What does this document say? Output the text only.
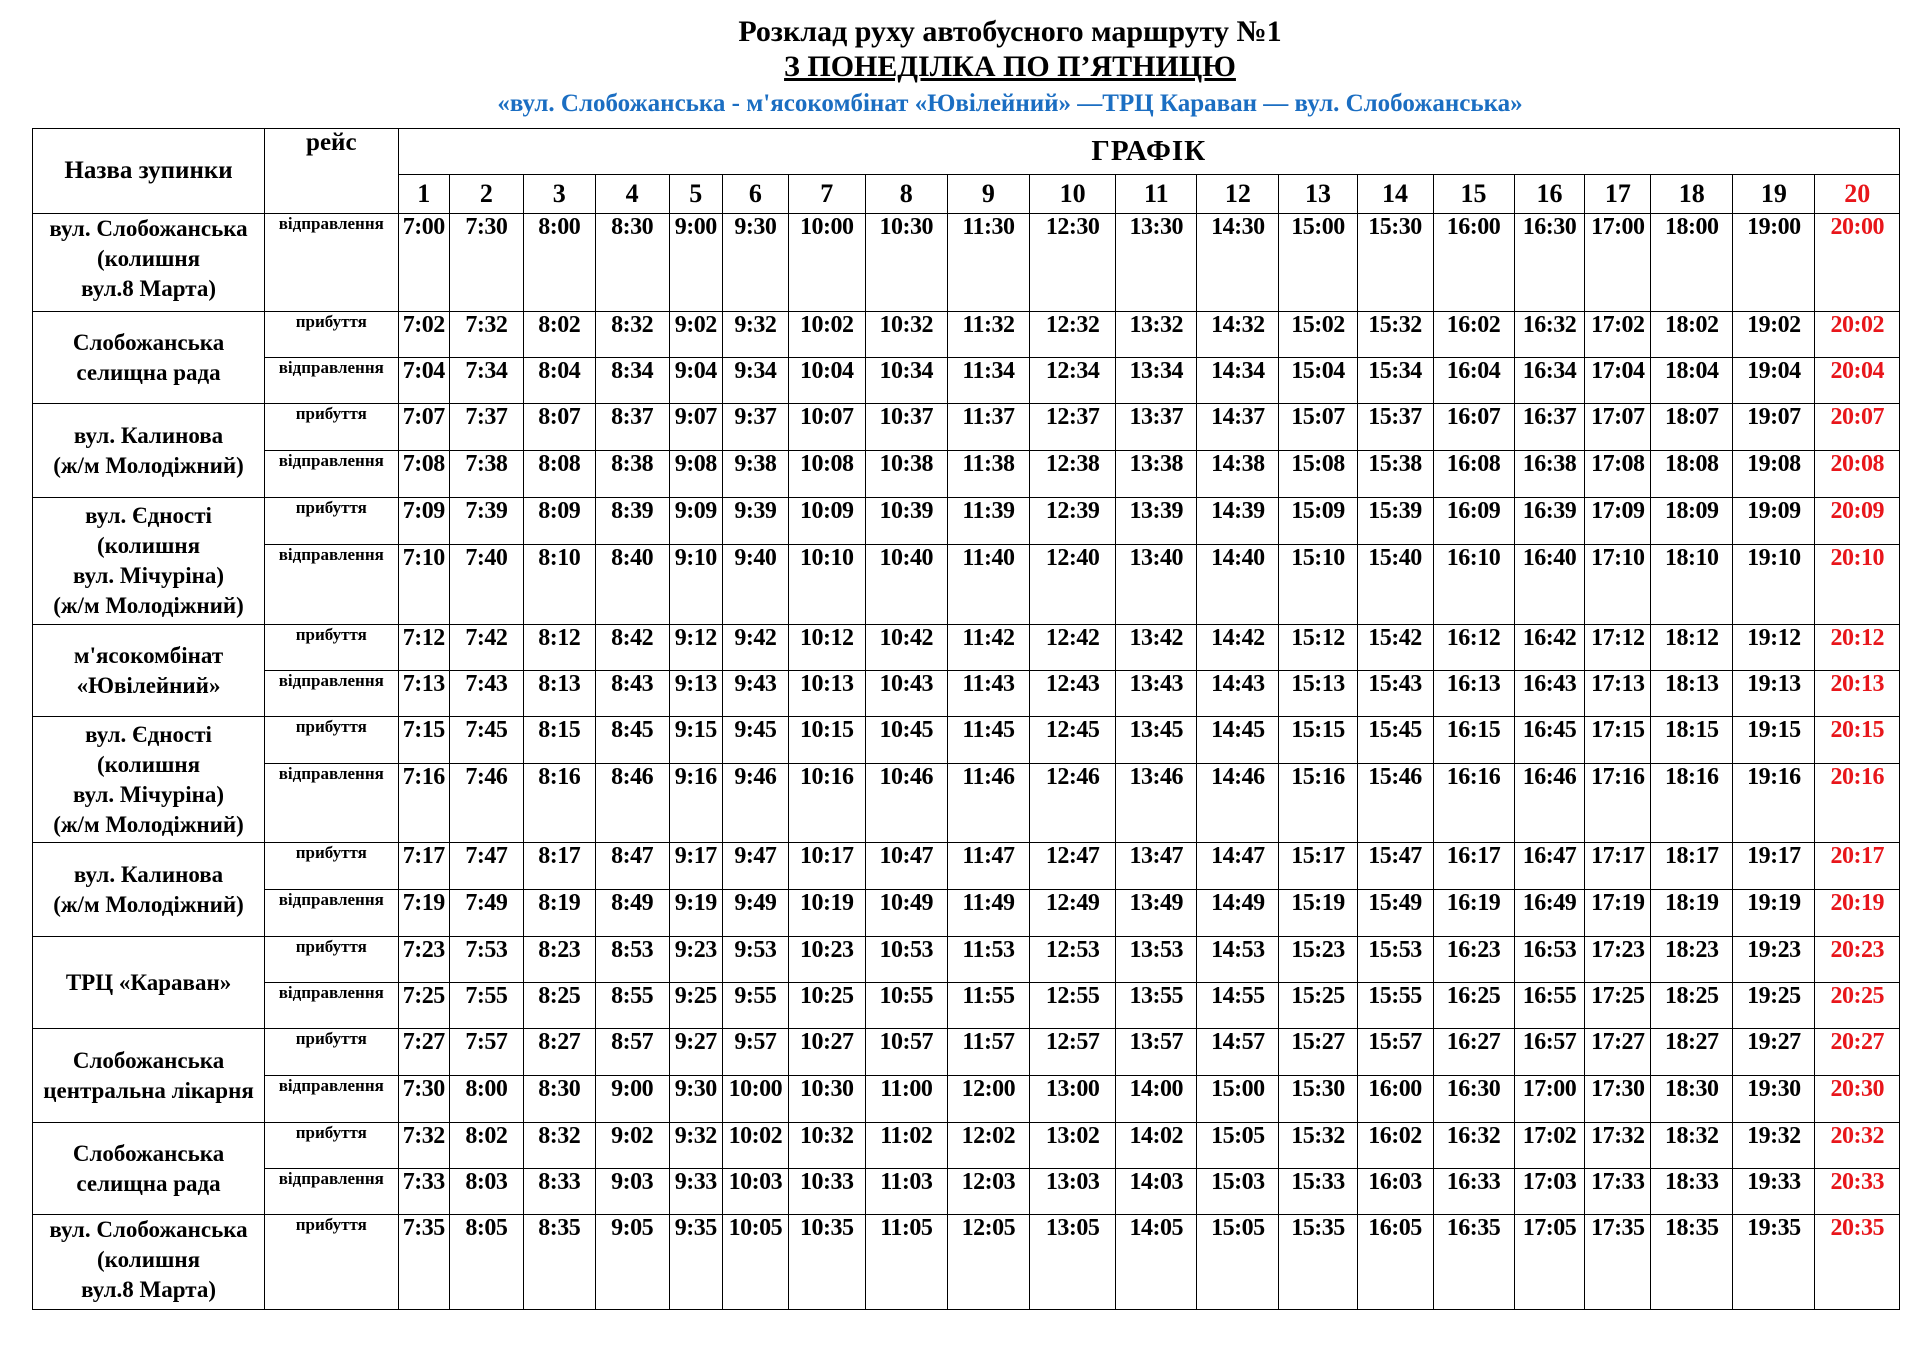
Розклад руху автобусного маршруту №1
З ПОНЕДІЛКА ПО П’ЯТНИЦЮ
«вул. Слобожанська - м'ясокомбінат «Ювілейний» —ТРЦ Караван — вул. Слобожанська»
Назва зупинки	рейс	ГРАФІК																			
		1	2	3	4	5	6	7	8	9	10	11	12	13	14	15	16	17	18	19	20

вул. Слобожанська
(колишня
вул.8 Марта)	відправлення	7:00	7:30	8:00	8:30	9:00	9:30	10:00	10:30	11:30	12:30	13:30	14:30	15:00	15:30	16:00	16:30	17:00	18:00	19:00	20:00

Слобожанська
селищна рада	прибуття	7:02	7:32	8:02	8:32	9:02	9:32	10:02	10:32	11:32	12:32	13:32	14:32	15:02	15:32	16:02	16:32	17:02	18:02	19:02	20:02
	відправлення	7:04	7:34	8:04	8:34	9:04	9:34	10:04	10:34	11:34	12:34	13:34	14:34	15:04	15:34	16:04	16:34	17:04	18:04	19:04	20:04

вул. Калинова
(ж/м Молодіжний)	прибуття	7:07	7:37	8:07	8:37	9:07	9:37	10:07	10:37	11:37	12:37	13:37	14:37	15:07	15:37	16:07	16:37	17:07	18:07	19:07	20:07
	відправлення	7:08	7:38	8:08	8:38	9:08	9:38	10:08	10:38	11:38	12:38	13:38	14:38	15:08	15:38	16:08	16:38	17:08	18:08	19:08	20:08

вул. Єдності
(колишня
вул. Мічуріна)
(ж/м Молодіжний)	прибуття	7:09	7:39	8:09	8:39	9:09	9:39	10:09	10:39	11:39	12:39	13:39	14:39	15:09	15:39	16:09	16:39	17:09	18:09	19:09	20:09
	відправлення	7:10	7:40	8:10	8:40	9:10	9:40	10:10	10:40	11:40	12:40	13:40	14:40	15:10	15:40	16:10	16:40	17:10	18:10	19:10	20:10

м'ясокомбінат
«Ювілейний»	прибуття	7:12	7:42	8:12	8:42	9:12	9:42	10:12	10:42	11:42	12:42	13:42	14:42	15:12	15:42	16:12	16:42	17:12	18:12	19:12	20:12
	відправлення	7:13	7:43	8:13	8:43	9:13	9:43	10:13	10:43	11:43	12:43	13:43	14:43	15:13	15:43	16:13	16:43	17:13	18:13	19:13	20:13

вул. Єдності
(колишня
вул. Мічуріна)
(ж/м Молодіжний)	прибуття	7:15	7:45	8:15	8:45	9:15	9:45	10:15	10:45	11:45	12:45	13:45	14:45	15:15	15:45	16:15	16:45	17:15	18:15	19:15	20:15
	відправлення	7:16	7:46	8:16	8:46	9:16	9:46	10:16	10:46	11:46	12:46	13:46	14:46	15:16	15:46	16:16	16:46	17:16	18:16	19:16	20:16

вул. Калинова
(ж/м Молодіжний)	прибуття	7:17	7:47	8:17	8:47	9:17	9:47	10:17	10:47	11:47	12:47	13:47	14:47	15:17	15:47	16:17	16:47	17:17	18:17	19:17	20:17
	відправлення	7:19	7:49	8:19	8:49	9:19	9:49	10:19	10:49	11:49	12:49	13:49	14:49	15:19	15:49	16:19	16:49	17:19	18:19	19:19	20:19

ТРЦ «Караван»	прибуття	7:23	7:53	8:23	8:53	9:23	9:53	10:23	10:53	11:53	12:53	13:53	14:53	15:23	15:53	16:23	16:53	17:23	18:23	19:23	20:23
	відправлення	7:25	7:55	8:25	8:55	9:25	9:55	10:25	10:55	11:55	12:55	13:55	14:55	15:25	15:55	16:25	16:55	17:25	18:25	19:25	20:25

Слобожанська
центральна лікарня	прибуття	7:27	7:57	8:27	8:57	9:27	9:57	10:27	10:57	11:57	12:57	13:57	14:57	15:27	15:57	16:27	16:57	17:27	18:27	19:27	20:27
	відправлення	7:30	8:00	8:30	9:00	9:30	10:00	10:30	11:00	12:00	13:00	14:00	15:00	15:30	16:00	16:30	17:00	17:30	18:30	19:30	20:30

Слобожанська
селищна рада	прибуття	7:32	8:02	8:32	9:02	9:32	10:02	10:32	11:02	12:02	13:02	14:02	15:05	15:32	16:02	16:32	17:02	17:32	18:32	19:32	20:32
	відправлення	7:33	8:03	8:33	9:03	9:33	10:03	10:33	11:03	12:03	13:03	14:03	15:03	15:33	16:03	16:33	17:03	17:33	18:33	19:33	20:33

вул. Слобожанська
(колишня
вул.8 Марта)	прибуття	7:35	8:05	8:35	9:05	9:35	10:05	10:35	11:05	12:05	13:05	14:05	15:05	15:35	16:05	16:35	17:05	17:35	18:35	19:35	20:35
